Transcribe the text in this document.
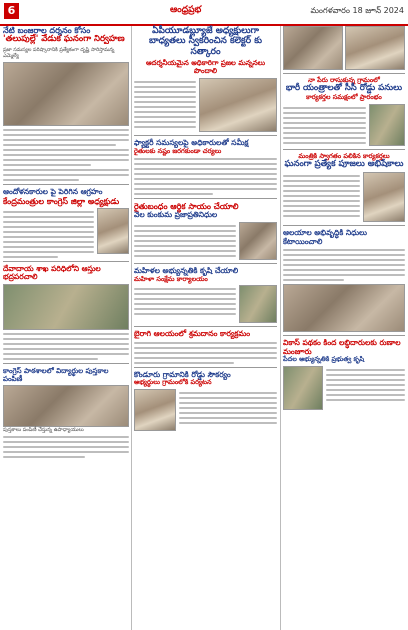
6	ఆంధ్రప్రభ	మంగళవారం 18 జూన్ 2024
నేటి బంజరాల దర్శనం కోసం
'తలుపుల్లే' వేడుక ఘనంగా నిర్వహణ
ప్రజా సమస్యల పరిష్కారానికి ప్రత్యేకంగా దృష్టి సారిస్తామన్న ఎమ్మెల్యే
ఆందోళనకారుల పై పెరిగిన ఆగ్రహం
కేంద్రమంత్రుల కాంగ్రెస్ జిల్లా అధ్యక్షుడు
దేవాదాయ శాఖ పరిధిలోని ఆస్తుల భద్రపరచాలి
కాంగ్రెస్ పాఠశాలలో విద్యార్థుల పుస్తకాల పంపిణీ
పుస్తకాలు పంపిణీ చేస్తున్న ఉపాధ్యాయులు
ఏపీయూడబ్ల్యూజే అధ్యక్షులుగా బాధ్యతలు స్వీకరించిన కలెక్టర్ కు సత్కారం
ఆదర్శనీయమైన అధికారిగా ప్రజల మన్ననలు పొందాలి
ఫ్యాక్టరీ సమస్యలపై అధికారులతో సమీక్ష
రైతులకు నష్టం జరగకుండా చర్యలు
రైతుబంధం ఆర్థిక సాయం చేయాలి
వెల కుంకుమ ప్రజాప్రతినిధుల
మహిళల అభ్యున్నతికి కృషి చేయాలి
మహిళా సంక్షేమ కార్యాలయం
బైరాగి ఆలయంలో శ్రమదానం కార్యక్రమం
కొండూరు గ్రామానికి రోడ్డు సౌకర్యం
అభ్యర్థులు గ్రామంలోకి పర్యటన
నా పేరు రాసుకున్న గ్రామంలో
భారీ యంత్రాలతో సీసీ రోడ్డు పనులు
కార్యకర్తల సమక్షంలో ప్రారంభం
మంత్రికి స్వాగతం పలికిన కార్యకర్తలు
ఘనంగా ప్రత్యేక పూజలు అభిషేకాలు
ఆలయాల అభివృద్ధికి నిధులు కేటాయించాలి
వికాస్ పథకం కింద లబ్ధిదారులకు రుణాల మంజూరు
పేదల అభ్యున్నతికి ప్రభుత్వ కృషి
